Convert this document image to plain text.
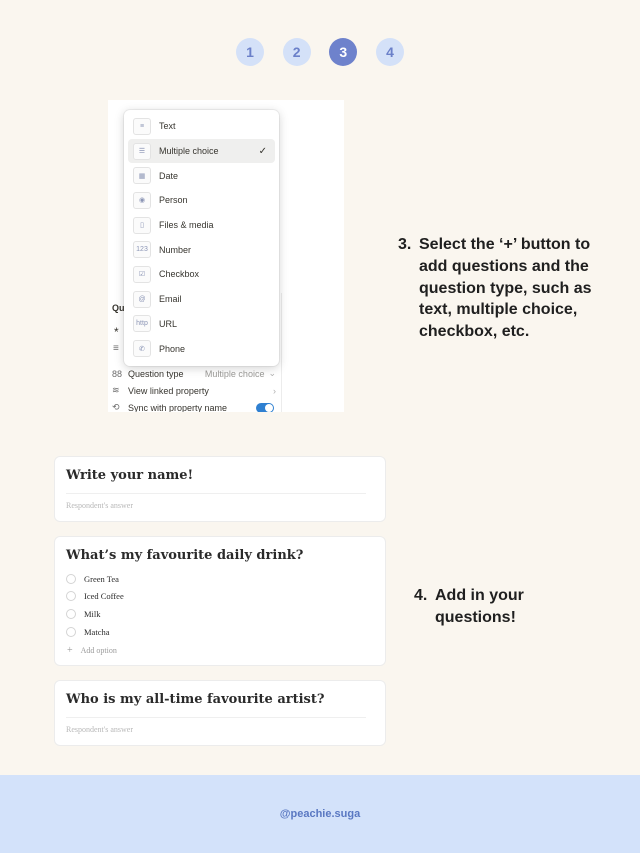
1	2	3	4
Qu
*
≡
88 Question type	Multiple choice ⌄
≋ View linked property	›
⟲ Sync with property name
≡	Text
☰	Multiple choice	✓
▦	Date
◉	Person
▯	Files & media
123	Number
☑	Checkbox
@	Email
http	URL
✆	Phone
3. Select the ‘+’ button to add questions and the question type, such as text, multiple choice, checkbox, etc.
Write your name!
Respondent's answer
What’s my favourite daily drink?
Green Tea
Iced Coffee
Milk
Matcha
+ Add option
Who is my all-time favourite artist?
Respondent's answer
4. Add in your questions!
@peachie.suga
